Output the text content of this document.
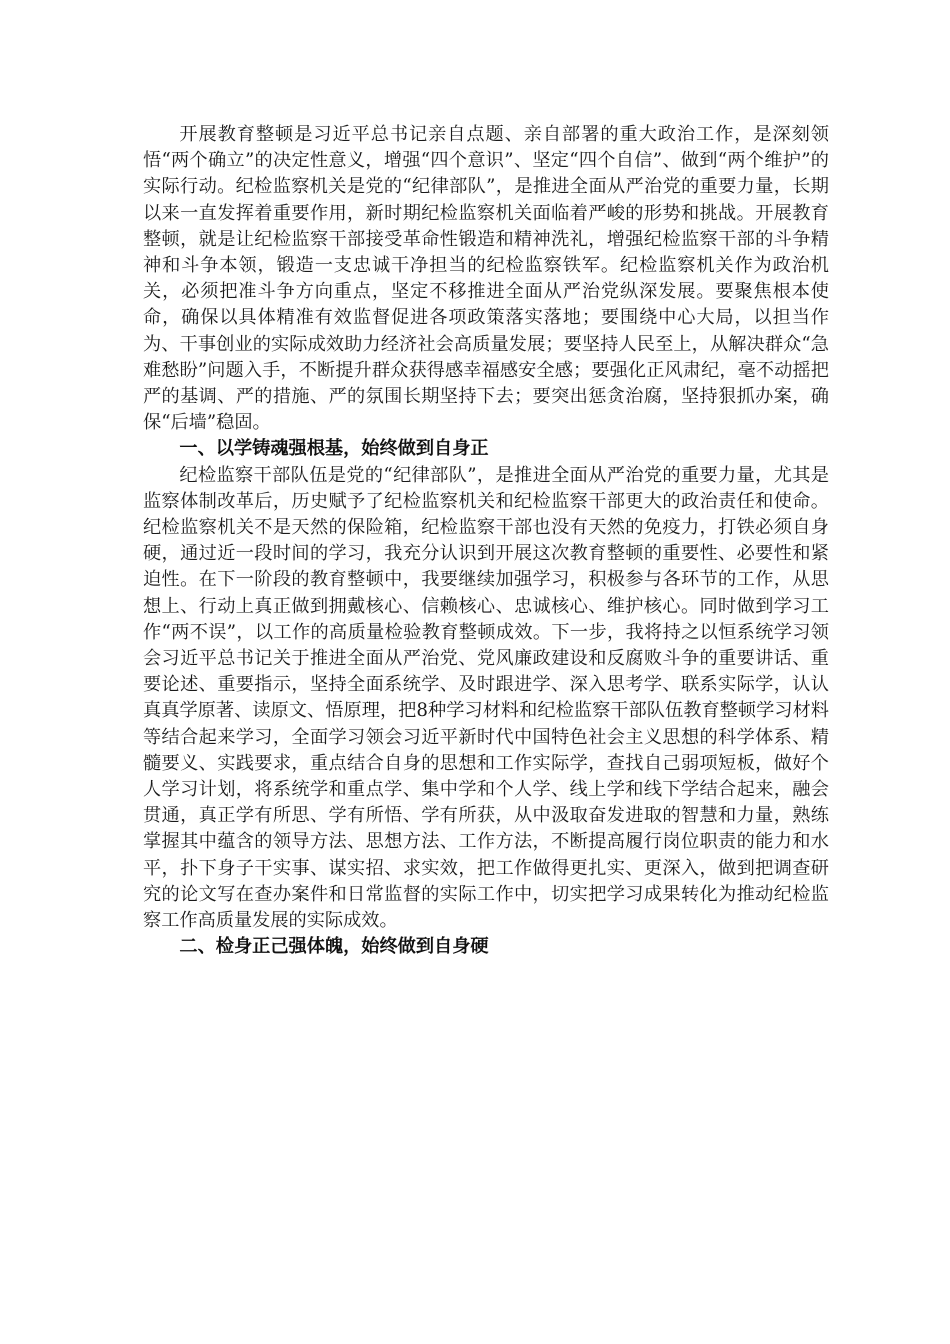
开展教育整顿是习近平总书记亲自点题、亲自部署的重大政治工作，是深刻领悟“两个确立”的决定性意义，增强“四个意识”、坚定“四个自信”、做到“两个维护”的实际行动。纪检监察机关是党的“纪律部队”，是推进全面从严治党的重要力量，长期以来一直发挥着重要作用，新时期纪检监察机关面临着严峻的形势和挑战。开展教育整顿，就是让纪检监察干部接受革命性锻造和精神洗礼，增强纪检监察干部的斗争精神和斗争本领，锻造一支忠诚干净担当的纪检监察铁军。纪检监察机关作为政治机关，必须把准斗争方向重点，坚定不移推进全面从严治党纵深发展。要聚焦根本使命，确保以具体精准有效监督促进各项政策落实落地；要围绕中心大局，以担当作为、干事创业的实际成效助力经济社会高质量发展；要坚持人民至上，从解决群众“急难愁盼”问题入手，不断提升群众获得感幸福感安全感；要强化正风肃纪，毫不动摇把严的基调、严的措施、严的氛围长期坚持下去；要突出惩贪治腐，坚持狠抓办案，确保“后墙”稳固。

一、以学铸魂强根基，始终做到自身正

纪检监察干部队伍是党的“纪律部队”，是推进全面从严治党的重要力量，尤其是监察体制改革后，历史赋予了纪检监察机关和纪检监察干部更大的政治责任和使命。纪检监察机关不是天然的保险箱，纪检监察干部也没有天然的免疫力，打铁必须自身硬，通过近一段时间的学习，我充分认识到开展这次教育整顿的重要性、必要性和紧迫性。在下一阶段的教育整顿中，我要继续加强学习，积极参与各环节的工作，从思想上、行动上真正做到拥戴核心、信赖核心、忠诚核心、维护核心。同时做到学习工作“两不误”，以工作的高质量检验教育整顿成效。下一步，我将持之以恒系统学习领会习近平总书记关于推进全面从严治党、党风廉政建设和反腐败斗争的重要讲话、重要论述、重要指示，坚持全面系统学、及时跟进学、深入思考学、联系实际学，认认真真学原著、读原文、悟原理，把8种学习材料和纪检监察干部队伍教育整顿学习材料等结合起来学习，全面学习领会习近平新时代中国特色社会主义思想的科学体系、精髓要义、实践要求，重点结合自身的思想和工作实际学，查找自己弱项短板，做好个人学习计划，将系统学和重点学、集中学和个人学、线上学和线下学结合起来，融会贯通，真正学有所思、学有所悟、学有所获，从中汲取奋发进取的智慧和力量，熟练掌握其中蕴含的领导方法、思想方法、工作方法，不断提高履行岗位职责的能力和水平，扑下身子干实事、谋实招、求实效，把工作做得更扎实、更深入，做到把调查研究的论文写在查办案件和日常监督的实际工作中，切实把学习成果转化为推动纪检监察工作高质量发展的实际成效。

二、检身正己强体魄，始终做到自身硬
